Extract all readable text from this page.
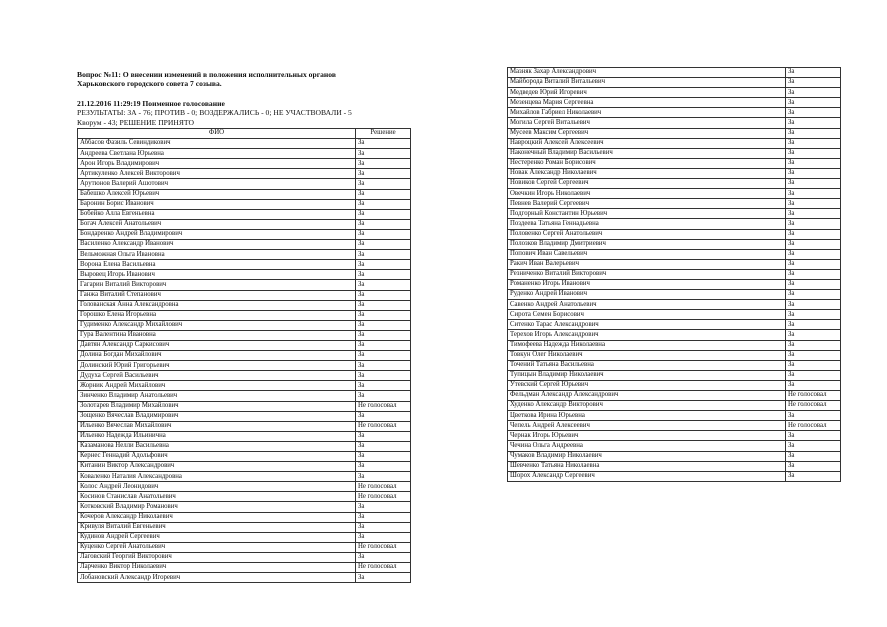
Вопрос №11: О внесении изменений в положения исполнительных органов
Харьковского городского совета 7 созыва.
21.12.2016 11:29:19 Поименное голосование
РЕЗУЛЬТАТЫ: ЗА - 76; ПРОТИВ - 0; ВОЗДЕРЖАЛИСЬ - 0; НЕ УЧАСТВОВАЛИ - 5
Кворум - 43; РЕШЕНИЕ ПРИНЯТО
ФИО	Решение
Аббасов Фазиль Севиндикович	За
Андреева Светлана Юрьевна	За
Арон Игорь Владимирович	За
Артикуленко Алексей Викторович	За
Арутюнов Валерий Ашотович	За
Бабешко Алексей Юрьевич	За
Баронин Борис Иванович	За
Бобейко Алла Евгеньевна	За
Богач Алексей Анатольевич	За
Бондаренко Андрей Владимирович	За
Василенко Александр Иванович	За
Вельможная Ольга Ивановна	За
Ворона Елена Васильевна	За
Выровец Игорь Иванович	За
Гагарин Виталий Викторович	За
Ганжа Виталий Степанович	За
Голованская Анна Александровна	За
Горошко Елена Игорьевна	За
Гудименко Александр Михайлович	За
Гура Валентина Ивановна	За
Давтян Александр Саркисович	За
Долина Богдан Михайлович	За
Долинский Юрий Григорьевич	За
Дудуха Сергей Васильевич	За
Жорник Андрей Михайлович	За
Зинченко Владимир Анатольевич	За
Золотарев Владимир Михайлович	Не голосовал
Зощенко Вячеслав Владимирович	За
Ильенко Вячеслав Михайлович	Не голосовал
Ильенко Надежда Ильинична	За
Казаманова Нелли Васильевна	За
Кернес Геннадий Адольфович	За
Китанин Виктор Александрович	За
Коваленко Наталия Александровна	За
Колос Андрей Леонидович	Не голосовал
Косинов Станислав Анатольевич	Не голосовал
Котковский Владимир Романович	За
Кочеров Александр Николаевич	За
Кривуля Виталий Евгеньевич	За
Кудинов Андрей Сергеевич	За
Куценко Сергей Анатольевич	Не голосовал
Лаговский Георгий Викторович	За
Ларченко Виктор Николаевич	Не голосовал
Лобановский Александр Игоревич	За
Мазняк Захар Александрович	За
Майборода Виталий Витальевич	За
Медведев Юрий Игоревич	За
Мезенцева Мария Сергеевна	За
Михайлов Габриел Николаевич	За
Могила Сергей Витальевич	За
Мусеев Максим Сергеевич	За
Навроцкий Алексей Алексеевич	За
Наконечный Владимир Васильевич	За
Нестеренко Роман Борисович	За
Новак Александр Николаевич	За
Новиков Сергей Сергеевич	За
Овечкин Игорь Николаевич	За
Певнев Валерий Сергеевич	За
Подгорный Константин Юрьевич	За
Поздеева Татьяна Геннадьевна	За
Половенко Сергей Анатольевич	За
Полозков Владимир Дмитриевич	За
Попович Иван Савельевич	За
Ракич Иван Валерьевич	За
Резниченко Виталий Викторович	За
Романенко Игорь Иванович	За
Руденко Андрей Иванович	За
Савенко Андрей Анатольевич	За
Сирота Семен Борисович	За
Ситенко Тарас Александрович	За
Терехов Игорь Александрович	За
Тимофеева Надежда Николаевна	За
Товкун Олег Николаевич	За
Точений Татьяна Васильевна	За
Тупицын Владимир Николаевич	За
Утевский Сергей Юрьевич	За
Фельдман Александр Александрович	Не голосовал
Худенко Александр Викторович	Не голосовал
Цветкова Ирина Юрьевна	За
Чепель Андрей Алексеевич	Не голосовал
Чернак Игорь Юрьевич	За
Чечина Ольга Андреевна	За
Чумаков Владимир Николаевич	За
Шевченко Татьяна Николаевна	За
Шорох Александр Сергеевич	За
